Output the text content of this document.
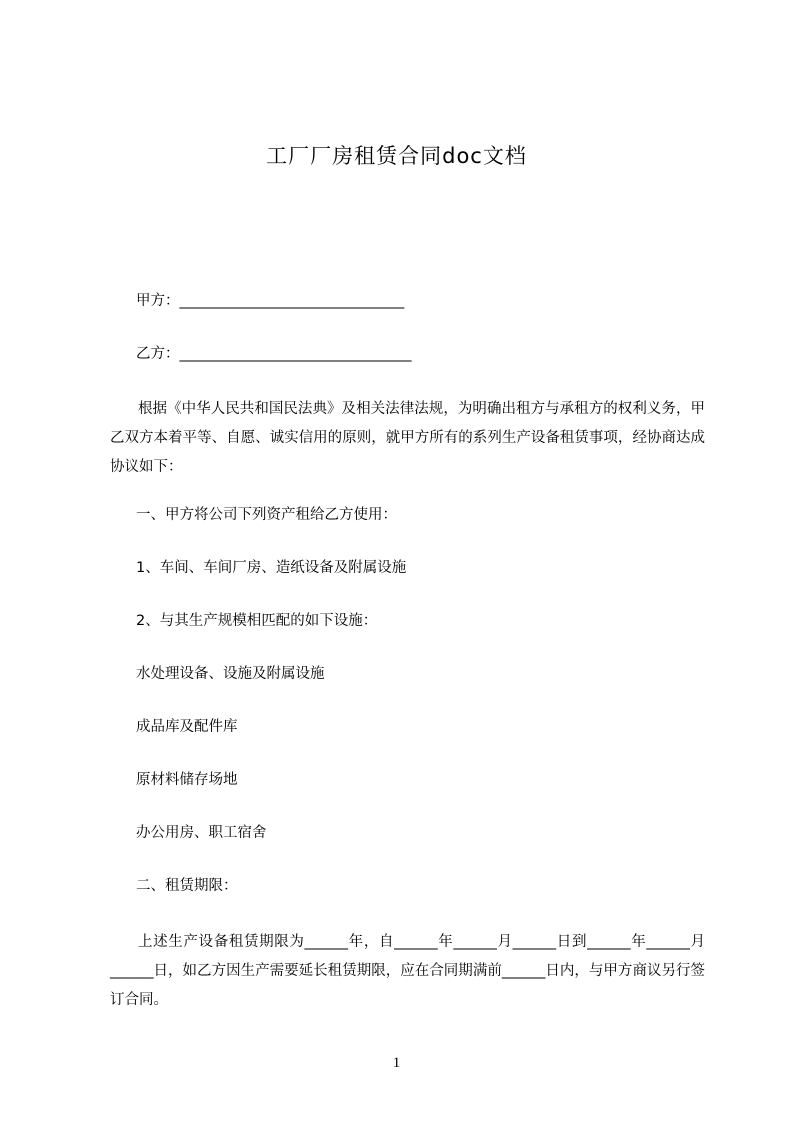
工厂厂房租赁合同doc文档
甲方：_______________________________
乙方：________________________________
根据《中华人民共和国民法典》及相关法律法规，为明确出租方与承租方的权利义务，甲乙双方本着平等、自愿、诚实信用的原则，就甲方所有的系列生产设备租赁事项，经协商达成协议如下：
一、甲方将公司下列资产租给乙方使用：
1、车间、车间厂房、造纸设备及附属设施
2、与其生产规模相匹配的如下设施：
水处理设备、设施及附属设施
成品库及配件库
原材料储存场地
办公用房、职工宿舍
二、租赁期限：
上述生产设备租赁期限为______年，自______年______月______日到______年______月______日，如乙方因生产需要延长租赁期限，应在合同期满前______日内，与甲方商议另行签订合同。
1
